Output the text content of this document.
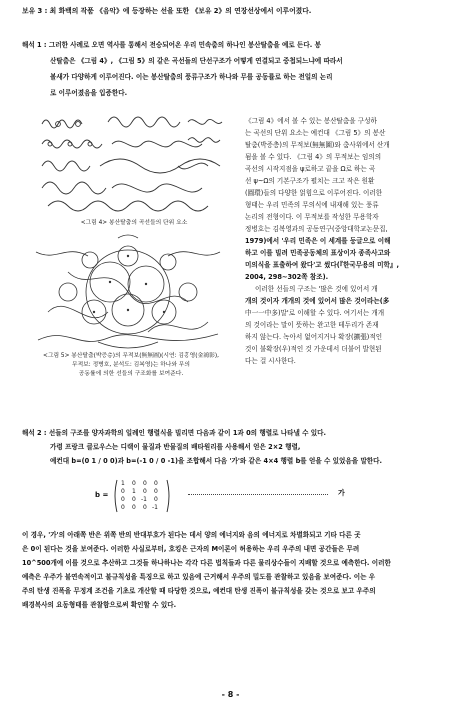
보유 3 : 최 화백의 작품 《음악》에 등장하는 선을 또한 《보유 2》의 연장선상에서 이루어졌다.
해석 1 : 그러한 사례로 오면 역사를 통해서 전승되어온 우리 민속춤의 하나인 봉산탈춤을 예로 든다. 봉
산탈춤은 《그림 4》, 《그림 5》의 같은 곡선들의 단선구조가 어떻게 연결되고 중첩되느냐에 따라서
볼새가 다양하게 이루어진다. 이는 봉산탈춤의 풍류구조가 하나와 무를 공동률로 하는 전일의 논리
로 이루어졌음을 입증한다.
<그림 4> 봉산탈춤의 곡선들의 단위 요소
<그림 5> 봉산탈춤(박증층)의 무적보(無無圖)(시연: 김홍영(金鴻影),
무적보: 정병호, 분석도: 김복영)는 하나와 무의
공동률에 의한 선들의 구조화를 보여준다.
《그림 4》에서 볼 수 있는 봉산탈춤을 구성하
는 곡선의 단위 요소는 예컨대 《그림 5》의 봉산
탈춤(박증층)의 무적보(無無圖)와 춤사위에서 산개
됨을 볼 수 있다. 《그림 4》의 무적보는 임의의
곡선의 시작지점을 ψ로하고 끝을 Ω로 하는 곡
선 ψ~Ω의 기본구조가 펼치는 크고 작은 원환
(圓環)들의 다양한 얽힘으로 이루어진다. 이러한
형태는 우리 민족의 무의식에 내재해 있는 풍류
논리의 전형이다. 이 무적보를 작성한 무용학자
정병호는 김복영과의 공동연구(중앙대학교논문집,
1979)에서 '우리 민족은 이 세계를 둥글으로 이해
하고 이를 빌려 민족공동체의 표상이자 종족사고와
미의식을 표출하여 왔다'고 썼다(『한국무용의 미학』,
2004, 298~302쪽 참조).
이러한 선들의 구조는 '많은 것에 있어서 개
개의 것이자 개개의 것에 있어서 많은 것이라는(多
中一一中多)말'로 이해할 수 있다. 여기서는 개개
의 것이라는 말이 뜻하는 완고한 테두리가 존재
하지 않는다. 녹아서 없어지거나 확장(擴張)적인
것이 불확장(우)적인 것 가운데서 더불어 발현된
다는 걸 시사한다.
해석 2 : 선들의 구조를 양자과학의 일례인 행렬식을 빌리면 다음과 같이 1과 0의 행렬로 나타낼 수 있다.
가령 프랑크 클로우스는 디랙이 물질과 반물질의 배타원리를 사용해서 얻은 2×2 행렬,
예컨대 b=(0 1 / 0 0)과 b=(-1 0 / 0 -1)을 조합해서 다음 '가'와 같은 4×4 행렬 b를 얻을 수 있었음을 말한다.
b =
1 0 0 0
0 1 0 0
0 0 -1 0
0 0 0 -1
가
이 경우, '가'의 아래쪽 반은 위쪽 반의 반대부호가 된다는 데서 양의 에너지와 음의 에너지로 차별화되고 기타 다른 곳
은 0이 된다는 것을 보여준다. 이러한 사실로부터, 호킹은 근자의 M이론이 허용하는 우리 우주의 내면 공간들은 무려
10^500개에 이를 것으로 추산하고 그것들 하나하나는 각각 다른 법칙들과 다른 물리상수들이 지배할 것으로 예측한다. 이러한
예측은 우주가 불연속적이고 불규칙성을 특징으로 하고 있음에 근거해서 우주의 밀도를 관찰하고 있음을 보여준다. 이는 우
주의 탄생 진폭을 무정계 조건을 기초로 개산할 때 타당한 것으로, 예컨대 탄생 진폭이 불규칙성을 갖는 것으로 보고 우주의
배경복사의 요동형태를 관찰함으로써 확인할 수 있다.
- 8 -
